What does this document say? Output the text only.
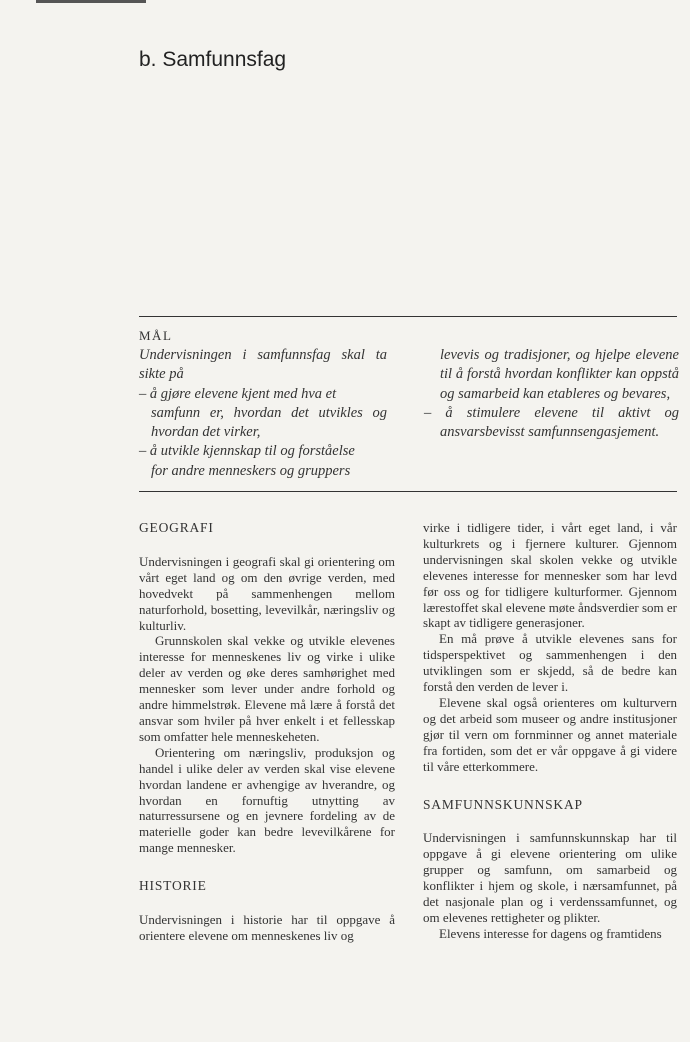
b. Samfunnsfag
MÅL

Undervisningen i samfunnsfag skal ta sikte på

– å gjøre elevene kjent med hva et

samfunn er, hvordan det utvikles og hvordan det virker,

– å utvikle kjennskap til og forståelse

for andre menneskers og gruppers

levevis og tradisjoner, og hjelpe elevene til å forstå hvordan konflikter kan oppstå og samarbeid kan etableres og bevares,

– å stimulere elevene til aktivt og ansvarsbevisst samfunnsengasjement.

GEOGRAFI

Undervisningen i geografi skal gi orientering om vårt eget land og om den øvrige verden, med hovedvekt på sammenhengen mellom naturforhold, bosetting, levevilkår, næringsliv og kulturliv.

Grunnskolen skal vekke og utvikle elevenes interesse for menneskenes liv og virke i ulike deler av verden og øke deres samhørighet med mennesker som lever under andre forhold og andre himmelstrøk. Elevene må lære å forstå det ansvar som hviler på hver enkelt i et fellesskap som omfatter hele menneskeheten.

Orientering om næringsliv, produksjon og handel i ulike deler av verden skal vise elevene hvordan landene er avhengige av hverandre, og hvordan en fornuftig utnytting av naturressursene og en jevnere fordeling av de materielle goder kan bedre levevilkårene for mange mennesker.

HISTORIE

Undervisningen i historie har til oppgave å orientere elevene om menneskenes liv og

virke i tidligere tider, i vårt eget land, i vår kulturkrets og i fjernere kulturer. Gjennom undervisningen skal skolen vekke og utvikle elevenes interesse for mennesker som har levd før oss og for tidligere kulturformer. Gjennom lærestoffet skal elevene møte åndsverdier som er skapt av tidligere generasjoner.

En må prøve å utvikle elevenes sans for tidsperspektivet og sammenhengen i den utviklingen som er skjedd, så de bedre kan forstå den verden de lever i.

Elevene skal også orienteres om kulturvern og det arbeid som museer og andre institusjoner gjør til vern om fornminner og annet materiale fra fortiden, som det er vår oppgave å gi videre til våre etterkommere.

SAMFUNNSKUNNSKAP

Undervisningen i samfunnskunnskap har til oppgave å gi elevene orientering om ulike grupper og samfunn, om samarbeid og konflikter i hjem og skole, i nærsamfunnet, på det nasjonale plan og i verdenssamfunnet, og om elevenes rettigheter og plikter.

Elevens interesse for dagens og framtidens
